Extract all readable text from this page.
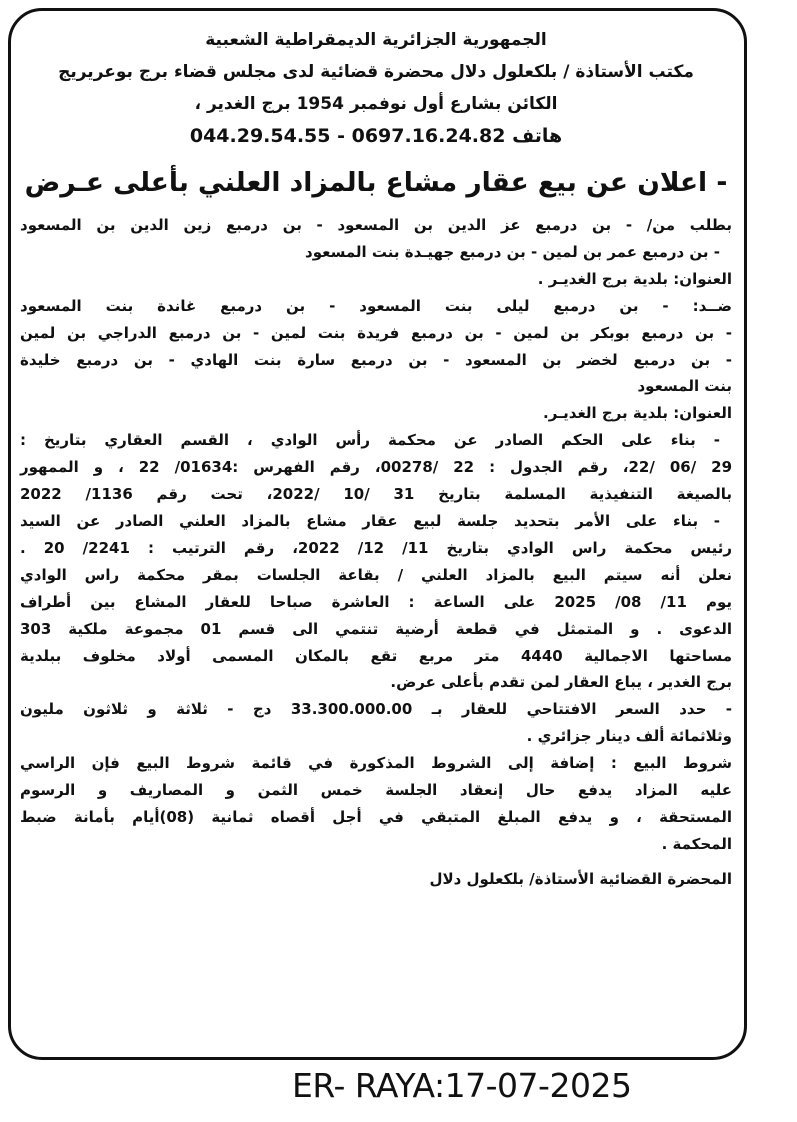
الجمهورية الجزائرية الديمقراطية الشعبية
مكتب الأستاذة / بلكعلول دلال محضرة قضائية لدى مجلس قضاء برج بوعريريج
الكائن بشارع أول نوفمبر 1954 برج الغدير ،
هاتف 0697.16.24.82 - 044.29.54.55
- اعلان عن بيع عقار مشاع بالمزاد العلني بأعلى عـرض
بطلب من/ - بن درمبع عز الدين بن المسعود - بن درمبع زين الدين بن المسعود
- بن درمبع عمر بن لمين - بن درمبع جهيـدة بنت المسعود
العنوان: بلدية برج الغديـر .
ضــد: - بن درمبع ليلى بنت المسعود - بن درمبع غاندة بنت المسعود
- بن درمبع بوبكر بن لمين - بن درمبع فريدة بنت لمين - بن درمبع الدراجي بن لمين
- بن درمبع لخضر بن المسعود - بن درمبع سارة بنت الهادي - بن درمبع خليدة
بنت المسعود
العنوان: بلدية برج الغديـر.
- بناء على الحكم الصادر عن محكمة رأس الوادي ، القسم العقاري بتاريخ :
29 /06 /22، رقم الجدول : 22 /00278، رقم الفهرس :01634/ 22 ، و الممهور
بالصيغة التنفيذية المسلمة بتاريخ 31 /10 /2022، تحت رقم 1136/ 2022
- بناء على الأمر بتحديد جلسة لبيع عقار مشاع بالمزاد العلني الصادر عن السيد
رئيس محكمة راس الوادي بتاريخ 11/ 12/ 2022، رقم الترتيب : 2241/ 20 .
نعلن أنه سيتم البيع بالمزاد العلني / بقاعة الجلسات بمقر محكمة راس الوادي
يوم 11/ 08/ 2025 على الساعة : العاشرة صباحا للعقار المشاع بين أطراف
الدعوى . و المتمثل في قطعة أرضية تنتمي الى قسم 01 مجموعة ملكية 303
مساحتها الاجمالية 4440 متر مربع تقع بالمكان المسمى أولاد مخلوف ببلدية
برج الغدير ، يباع العقار لمن تقدم بأعلى عرض.
- حدد السعر الافتتاحي للعقار بـ 33.300.000.00 دج - ثلاثة و ثلاثون مليون
وثلاثمائة ألف دينار جزائري .
شروط البيع : إضافة إلى الشروط المذكورة في قائمة شروط البيع فإن الراسي
عليه المزاد يدفع حال إنعقاد الجلسة خمس الثمن و المصاريف و الرسوم
المستحقة ، و يدفع المبلغ المتبقي في أجل أقصاه ثمانية (08)أيام بأمانة ضبط
المحكمة .
المحضرة القضائية الأستاذة/ بلكعلول دلال
ER- RAYA:17-07-2025
